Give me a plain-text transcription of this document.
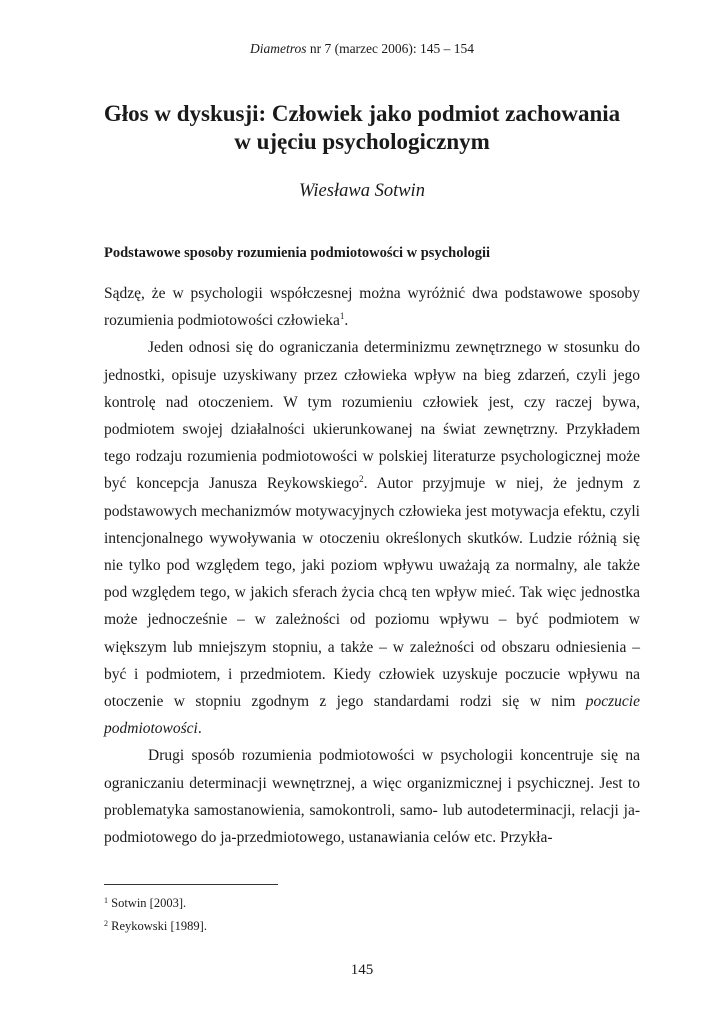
Diametros nr 7 (marzec 2006): 145 – 154
Głos w dyskusji: Człowiek jako podmiot zachowania
w ujęciu psychologicznym
Wiesława Sotwin
Podstawowe sposoby rozumienia podmiotowości w psychologii

Sądzę, że w psychologii współczesnej można wyróżnić dwa podstawowe sposoby rozumienia podmiotowości człowieka$^1$.

Jeden odnosi się do ograniczania determinizmu zewnętrznego w stosunku do jednostki, opisuje uzyskiwany przez człowieka wpływ na bieg zdarzeń, czyli jego kontrolę nad otoczeniem. W tym rozumieniu człowiek jest, czy raczej bywa, podmiotem swojej działalności ukierunkowanej na świat zewnętrzny. Przykładem tego rodzaju rozumienia podmiotowości w polskiej literaturze psychologicznej może być koncepcja Janusza Reykowskiego$^2$. Autor przyjmuje w niej, że jednym z podstawowych mechanizmów motywacyjnych człowieka jest motywacja efektu, czyli intencjonalnego wywoływania w otoczeniu określonych skutków. Ludzie różnią się nie tylko pod względem tego, jaki poziom wpływu uważają za normalny, ale także pod względem tego, w jakich sferach życia chcą ten wpływ mieć. Tak więc jednostka może jednocześnie – w zależności od poziomu wpływu – być podmiotem w większym lub mniejszym stopniu, a także – w zależności od obszaru odniesienia – być i podmiotem, i przedmiotem. Kiedy człowiek uzyskuje poczucie wpływu na otoczenie w stopniu zgodnym z jego standardami rodzi się w nim poczucie podmiotowości.

Drugi sposób rozumienia podmiotowości w psychologii koncentruje się na ograniczaniu determinacji wewnętrznej, a więc organizmicznej i psychicznej. Jest to problematyka samostanowienia, samokontroli, samo- lub autodeterminacji, relacji ja-podmiotowego do ja-przedmiotowego, ustanawiania celów etc. Przykła-

$^1$ Sotwin [2003].
$^2$ Reykowski [1989].
145
